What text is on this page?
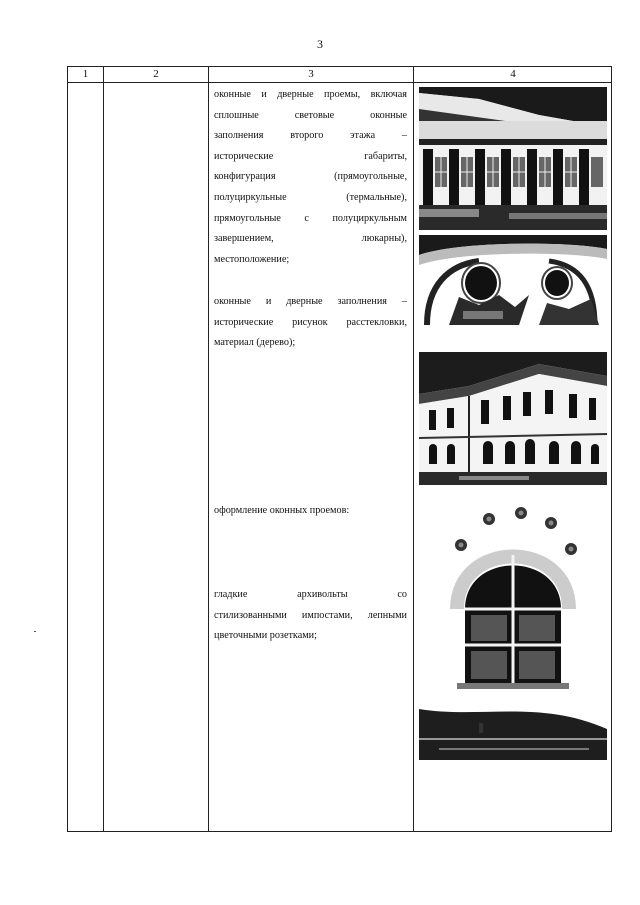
3
1	2	3	4
оконные и дверные проемы, включая
сплошные световые оконные
заполнения второго этажа –
исторические габариты,
конфигурация (прямоугольные,
полуциркульные (термальные),
прямоугольные с полуциркульным
завершением, люкарны),
местоположение;
оконные и дверные заполнения –
исторические рисунок расстекловки,
материал (дерево);
оформление оконных проемов:
гладкие архивольты со
стилизованными импостами, лепными
цветочными розетками;
